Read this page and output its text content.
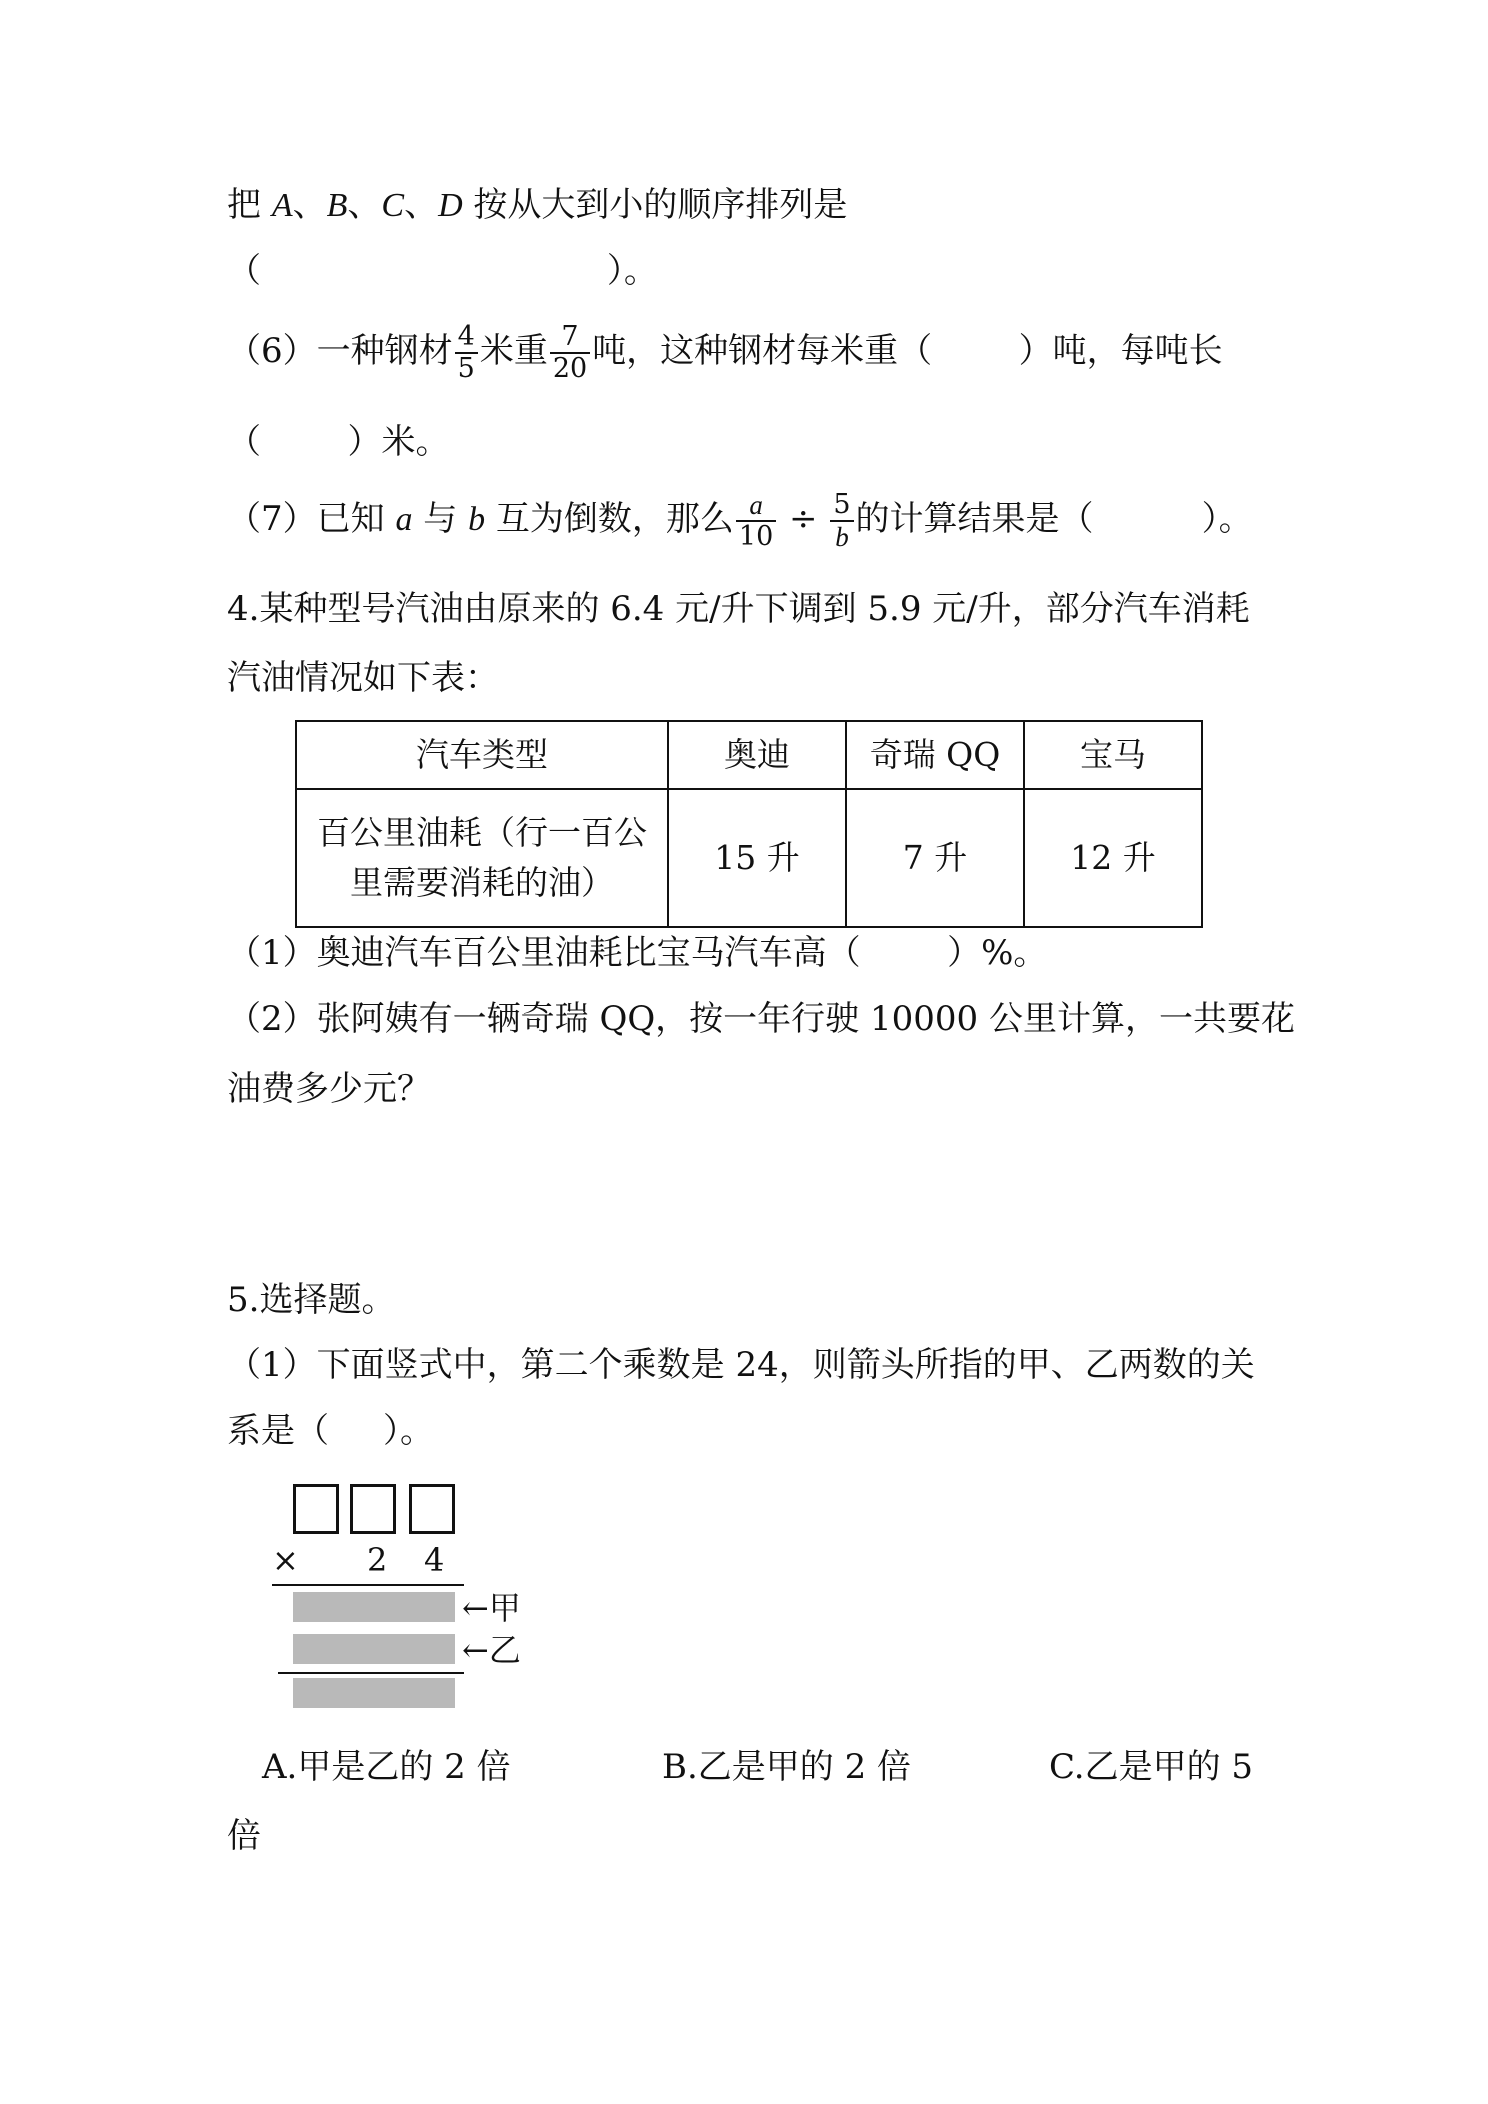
把 A、B、C、D 按从大到小的顺序排列是
（                                ）。
（6）一种钢材 $\frac{4}{5}$ 米重 $\frac{7}{20}$ 吨，这种钢材每米重（        ）吨，每吨长
（        ）米。
（7）已知 a 与 b 互为倒数，那么 $\frac{a}{10} \div \frac{5}{b}$ 的计算结果是（          ）。
4.某种型号汽油由原来的 6.4 元/升下调到 5.9 元/升，部分汽车消耗
汽油情况如下表：
汽车类型	奥迪	奇瑞 QQ	宝马
百公里油耗（行一百公
里需要消耗的油）	15 升	7 升	12 升
（1）奥迪汽车百公里油耗比宝马汽车高（        ）%。
（2）张阿姨有一辆奇瑞 QQ，按一年行驶 10000 公里计算，一共要花
油费多少元？
5.选择题。
（1）下面竖式中，第二个乘数是 24，则箭头所指的甲、乙两数的关
系是（     ）。
× 2 4
←甲
←乙
A.甲是乙的 2 倍	B.乙是甲的 2 倍	C.乙是甲的 5
倍
